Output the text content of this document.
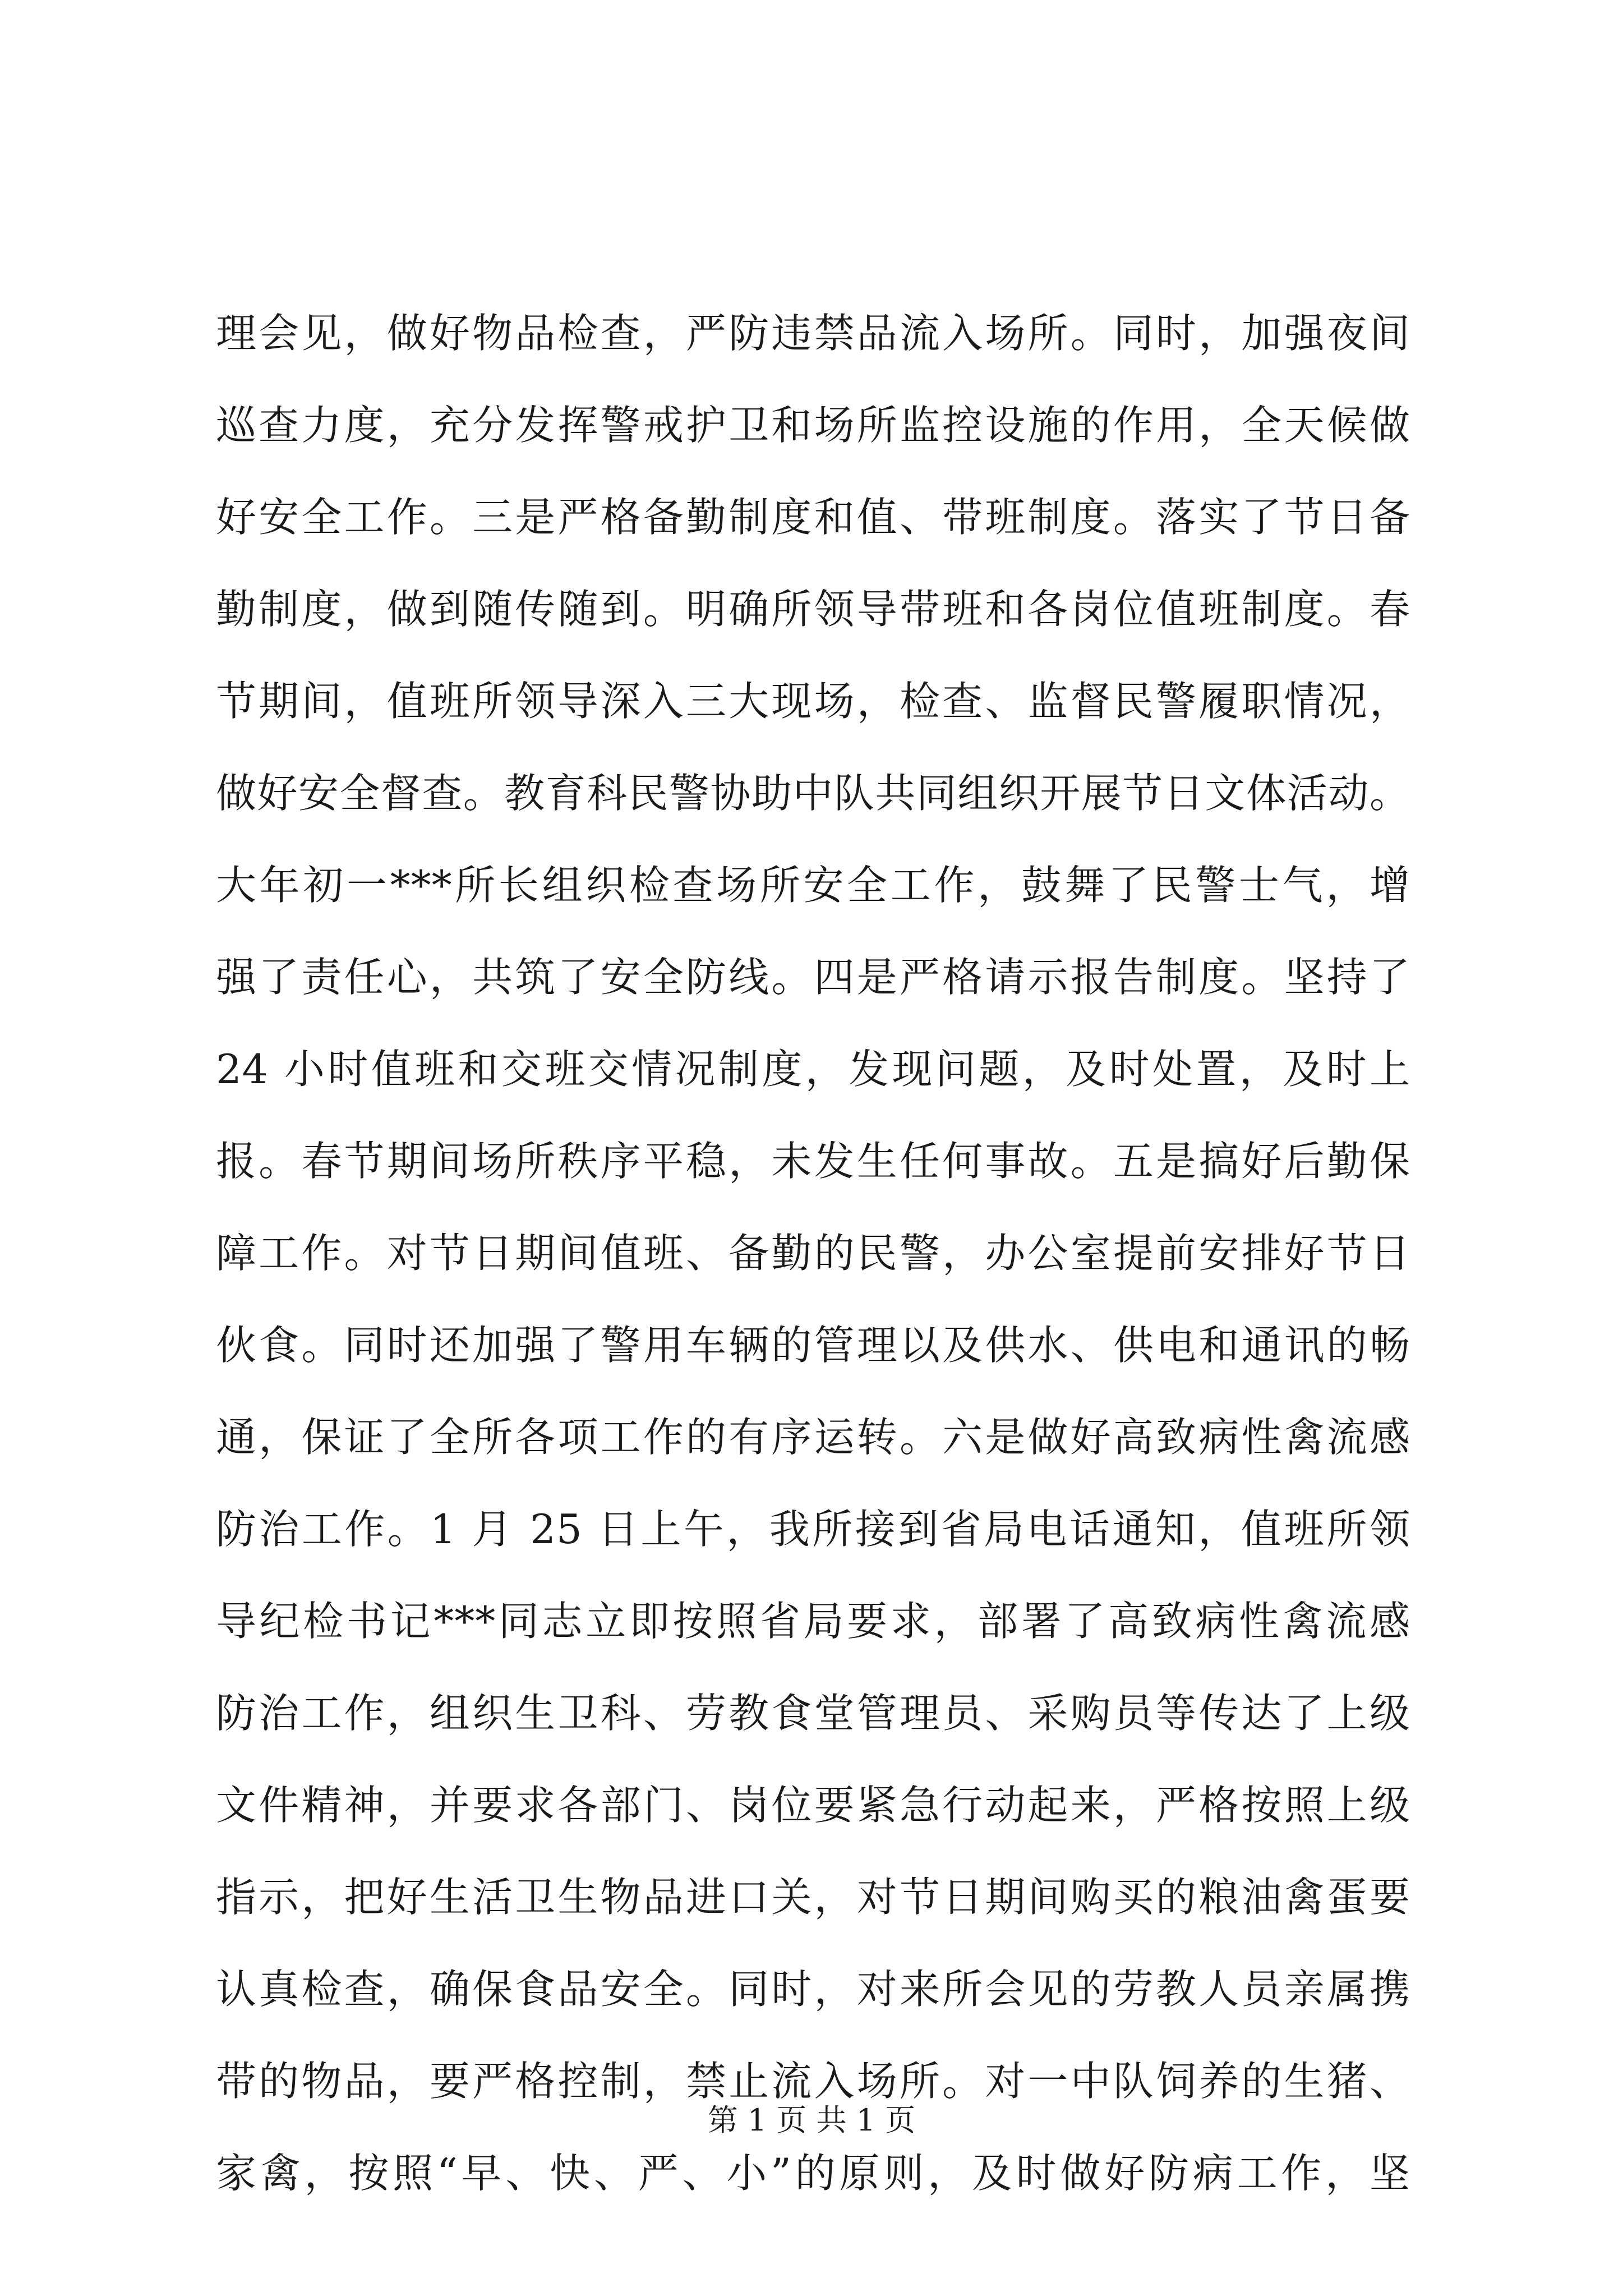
理会见，做好物品检查，严防违禁品流入场所。同时，加强夜间
巡查力度，充分发挥警戒护卫和场所监控设施的作用，全天候做
好安全工作。三是严格备勤制度和值、带班制度。落实了节日备
勤制度，做到随传随到。明确所领导带班和各岗位值班制度。春
节期间，值班所领导深入三大现场，检查、监督民警履职情况，
做好安全督查。教育科民警协助中队共同组织开展节日文体活动。
大年初一***所长组织检查场所安全工作，鼓舞了民警士气，增
强了责任心，共筑了安全防线。四是严格请示报告制度。坚持了
24 小时值班和交班交情况制度，发现问题，及时处置，及时上
报。春节期间场所秩序平稳，未发生任何事故。五是搞好后勤保
障工作。对节日期间值班、备勤的民警，办公室提前安排好节日
伙食。同时还加强了警用车辆的管理以及供水、供电和通讯的畅
通，保证了全所各项工作的有序运转。六是做好高致病性禽流感
防治工作。1 月 25 日上午，我所接到省局电话通知，值班所领
导纪检书记***同志立即按照省局要求，部署了高致病性禽流感
防治工作，组织生卫科、劳教食堂管理员、采购员等传达了上级
文件精神，并要求各部门、岗位要紧急行动起来，严格按照上级
指示，把好生活卫生物品进口关，对节日期间购买的粮油禽蛋要
认真检查，确保食品安全。同时，对来所会见的劳教人员亲属携
带的物品，要严格控制，禁止流入场所。对一中队饲养的生猪、
家禽，按照“早、快、严、小”的原则，及时做好防病工作，坚
第 1 页 共 1 页
